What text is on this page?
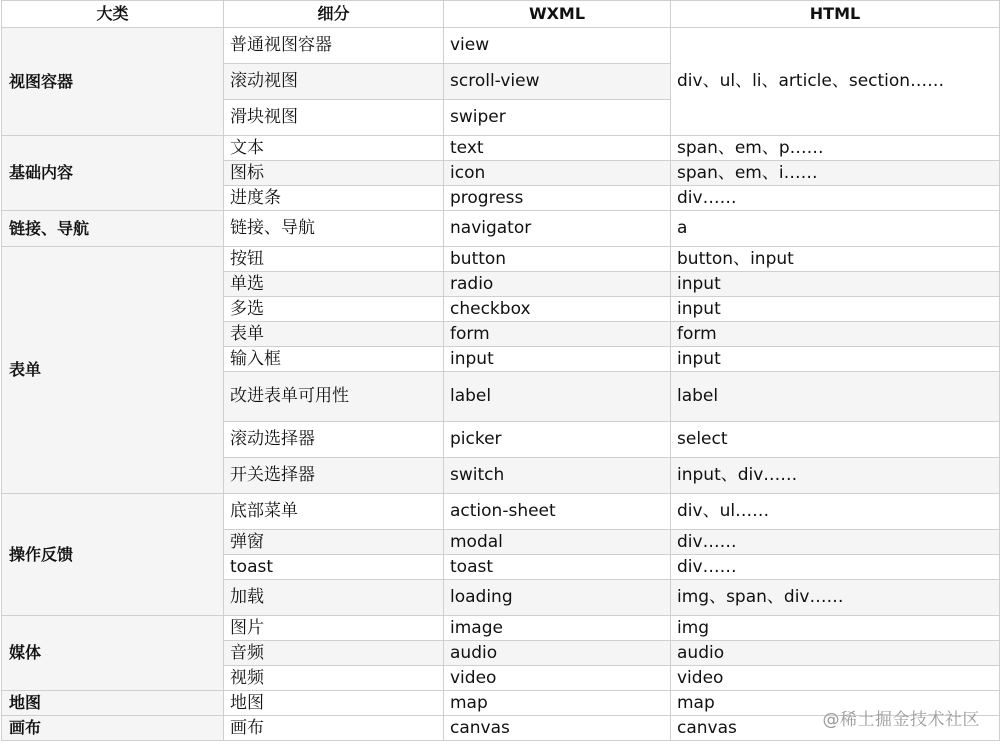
大类	细分	WXML	HTML
视图容器	普通视图容器	view	div、ul、li、article、section……
	滚动视图	scroll-view	
	滑块视图	swiper	
基础内容	文本	text	span、em、p……
	图标	icon	span、em、i……
	进度条	progress	div……
链接、导航	链接、导航	navigator	a
表单	按钮	button	button、input
	单选	radio	input
	多选	checkbox	input
	表单	form	form
	输入框	input	input
	改进表单可用性	label	label
	滚动选择器	picker	select
	开关选择器	switch	input、div……
操作反馈	底部菜单	action-sheet	div、ul……
	弹窗	modal	div……
	toast	toast	div……
	加载	loading	img、span、div……
媒体	图片	image	img
	音频	audio	audio
	视频	video	video
地图	地图	map	map
画布	画布	canvas	canvas	@稀土掘金技术社区
